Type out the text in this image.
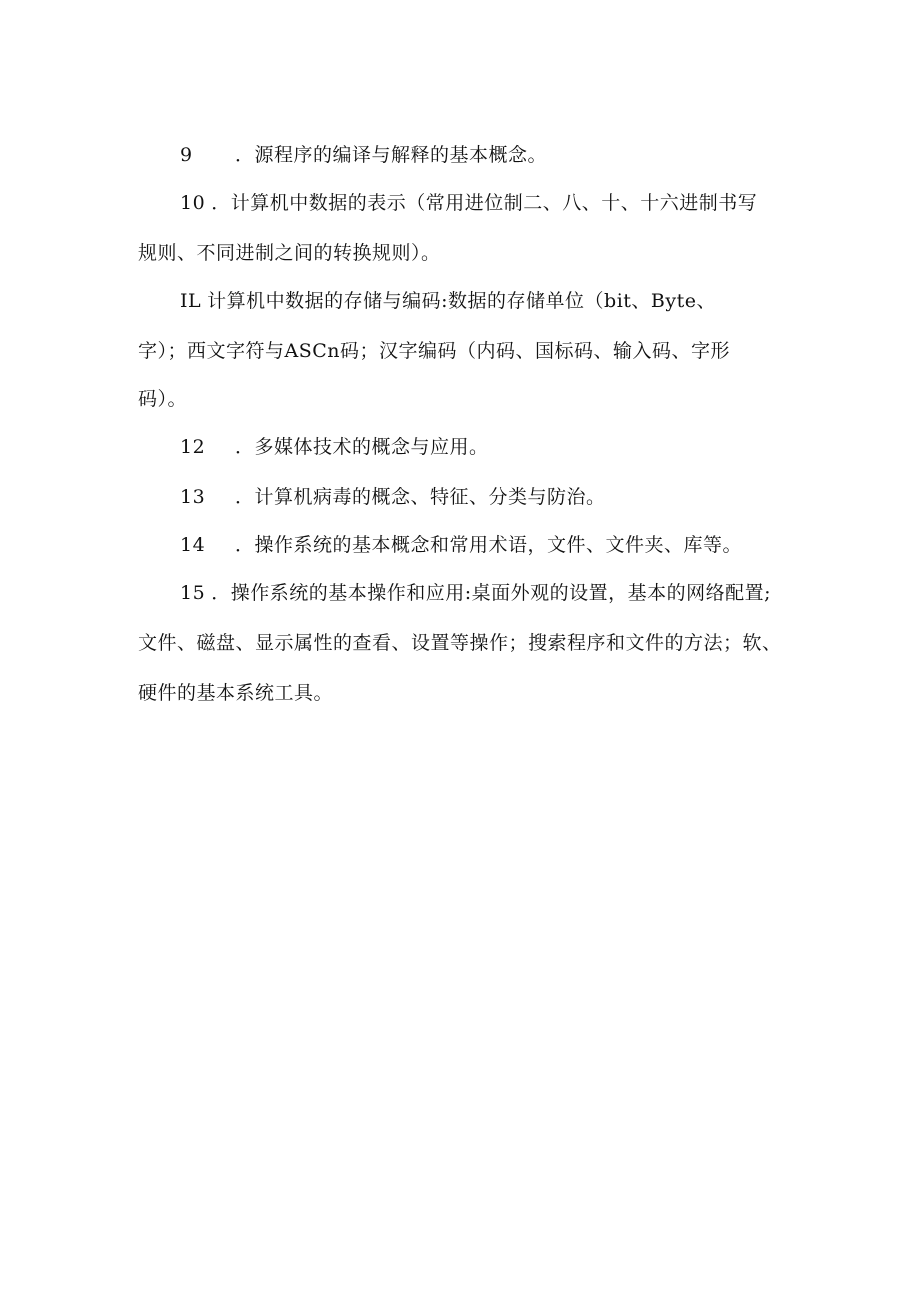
9 ．源程序的编译与解释的基本概念。
10 ．计算机中数据的表示（常用进位制二、八、十、十六进制书写
规则、不同进制之间的转换规则）。
IL 计算机中数据的存储与编码:数据的存储单位（bit、Byte、
字）；西文字符与ASCn码；汉字编码（内码、国标码、输入码、字形
码）。
12 ．多媒体技术的概念与应用。
13 ．计算机病毒的概念、特征、分类与防治。
14 ．操作系统的基本概念和常用术语，文件、文件夹、库等。
15 ．操作系统的基本操作和应用:桌面外观的设置，基本的网络配置;
文件、磁盘、显示属性的查看、设置等操作；搜索程序和文件的方法；软、
硬件的基本系统工具。
